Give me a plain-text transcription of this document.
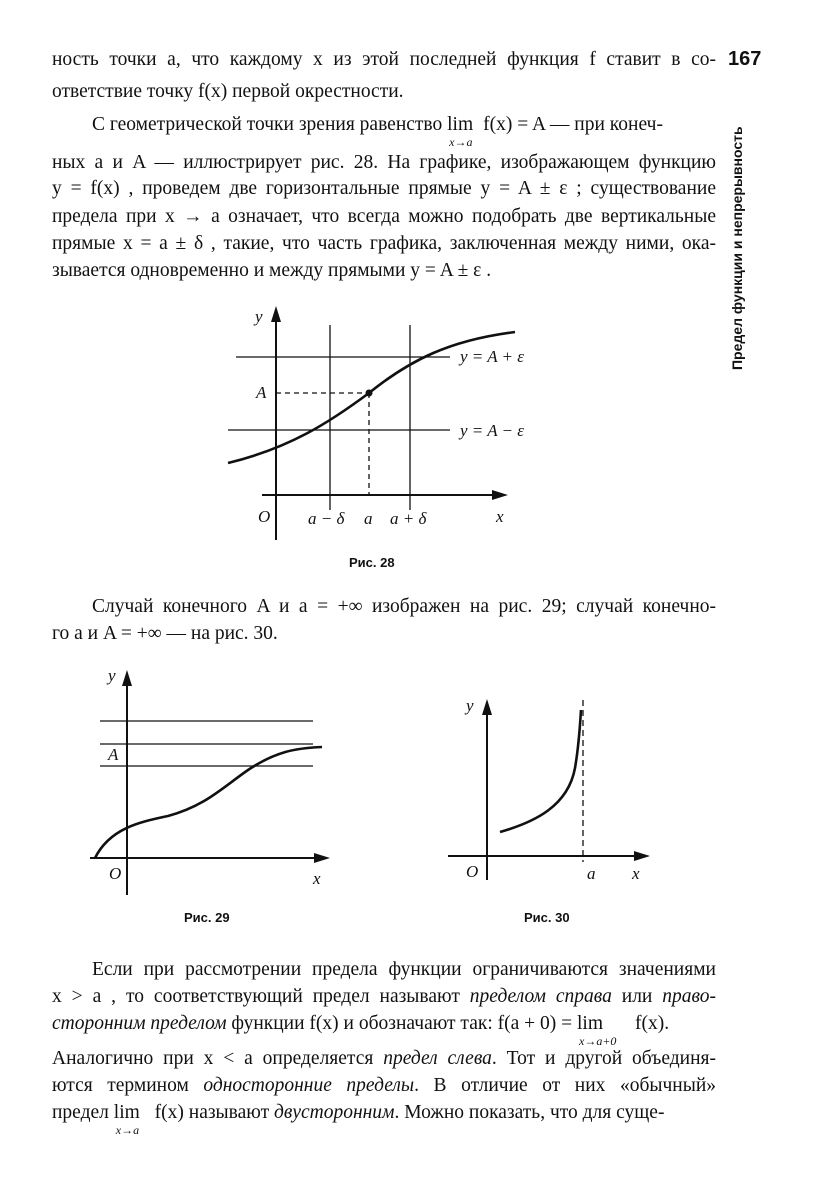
167
Предел функции и непрерывность
ность точки a, что каждому x из этой последней функция f ставит в со-
ответствие точку f(x) первой окрестности.
С геометрической точки зрения равенство lim
x→a
f(x) = A — при конеч-
ных a и A — иллюстрирует рис. 28. На графике, изображающем функцию
y = f(x) , проведем две горизонтальные прямые y = A ± ε ; существование
предела при x → a означает, что всегда можно подобрать две вертикальные
прямые x = a ± δ , такие, что часть графика, заключенная между ними, ока-
зывается одновременно и между прямыми y = A ± ε .
y
x
O
A
y = A + ε
y = A − ε
a − δ a a + δ
Рис. 28
Случай конечного A и a = +∞ изображен на рис. 29; случай конечно-
го a и A = +∞ — на рис. 30.
y
x
O
A
Рис. 29
y
x
O	a
Рис. 30
Если при рассмотрении предела функции ограничиваются значениями
x > a , то соответствующий предел называют пределом справа или право-
сторонним пределом функции f(x) и обозначают так: f(a + 0) = lim
x→a+0
f(x).
Аналогично при x < a определяется предел слева. Тот и другой объединя-
ются термином односторонние пределы. В отличие от них «обычный»
предел lim
x→a
f(x) называют двусторонним. Можно показать, что для суще-
